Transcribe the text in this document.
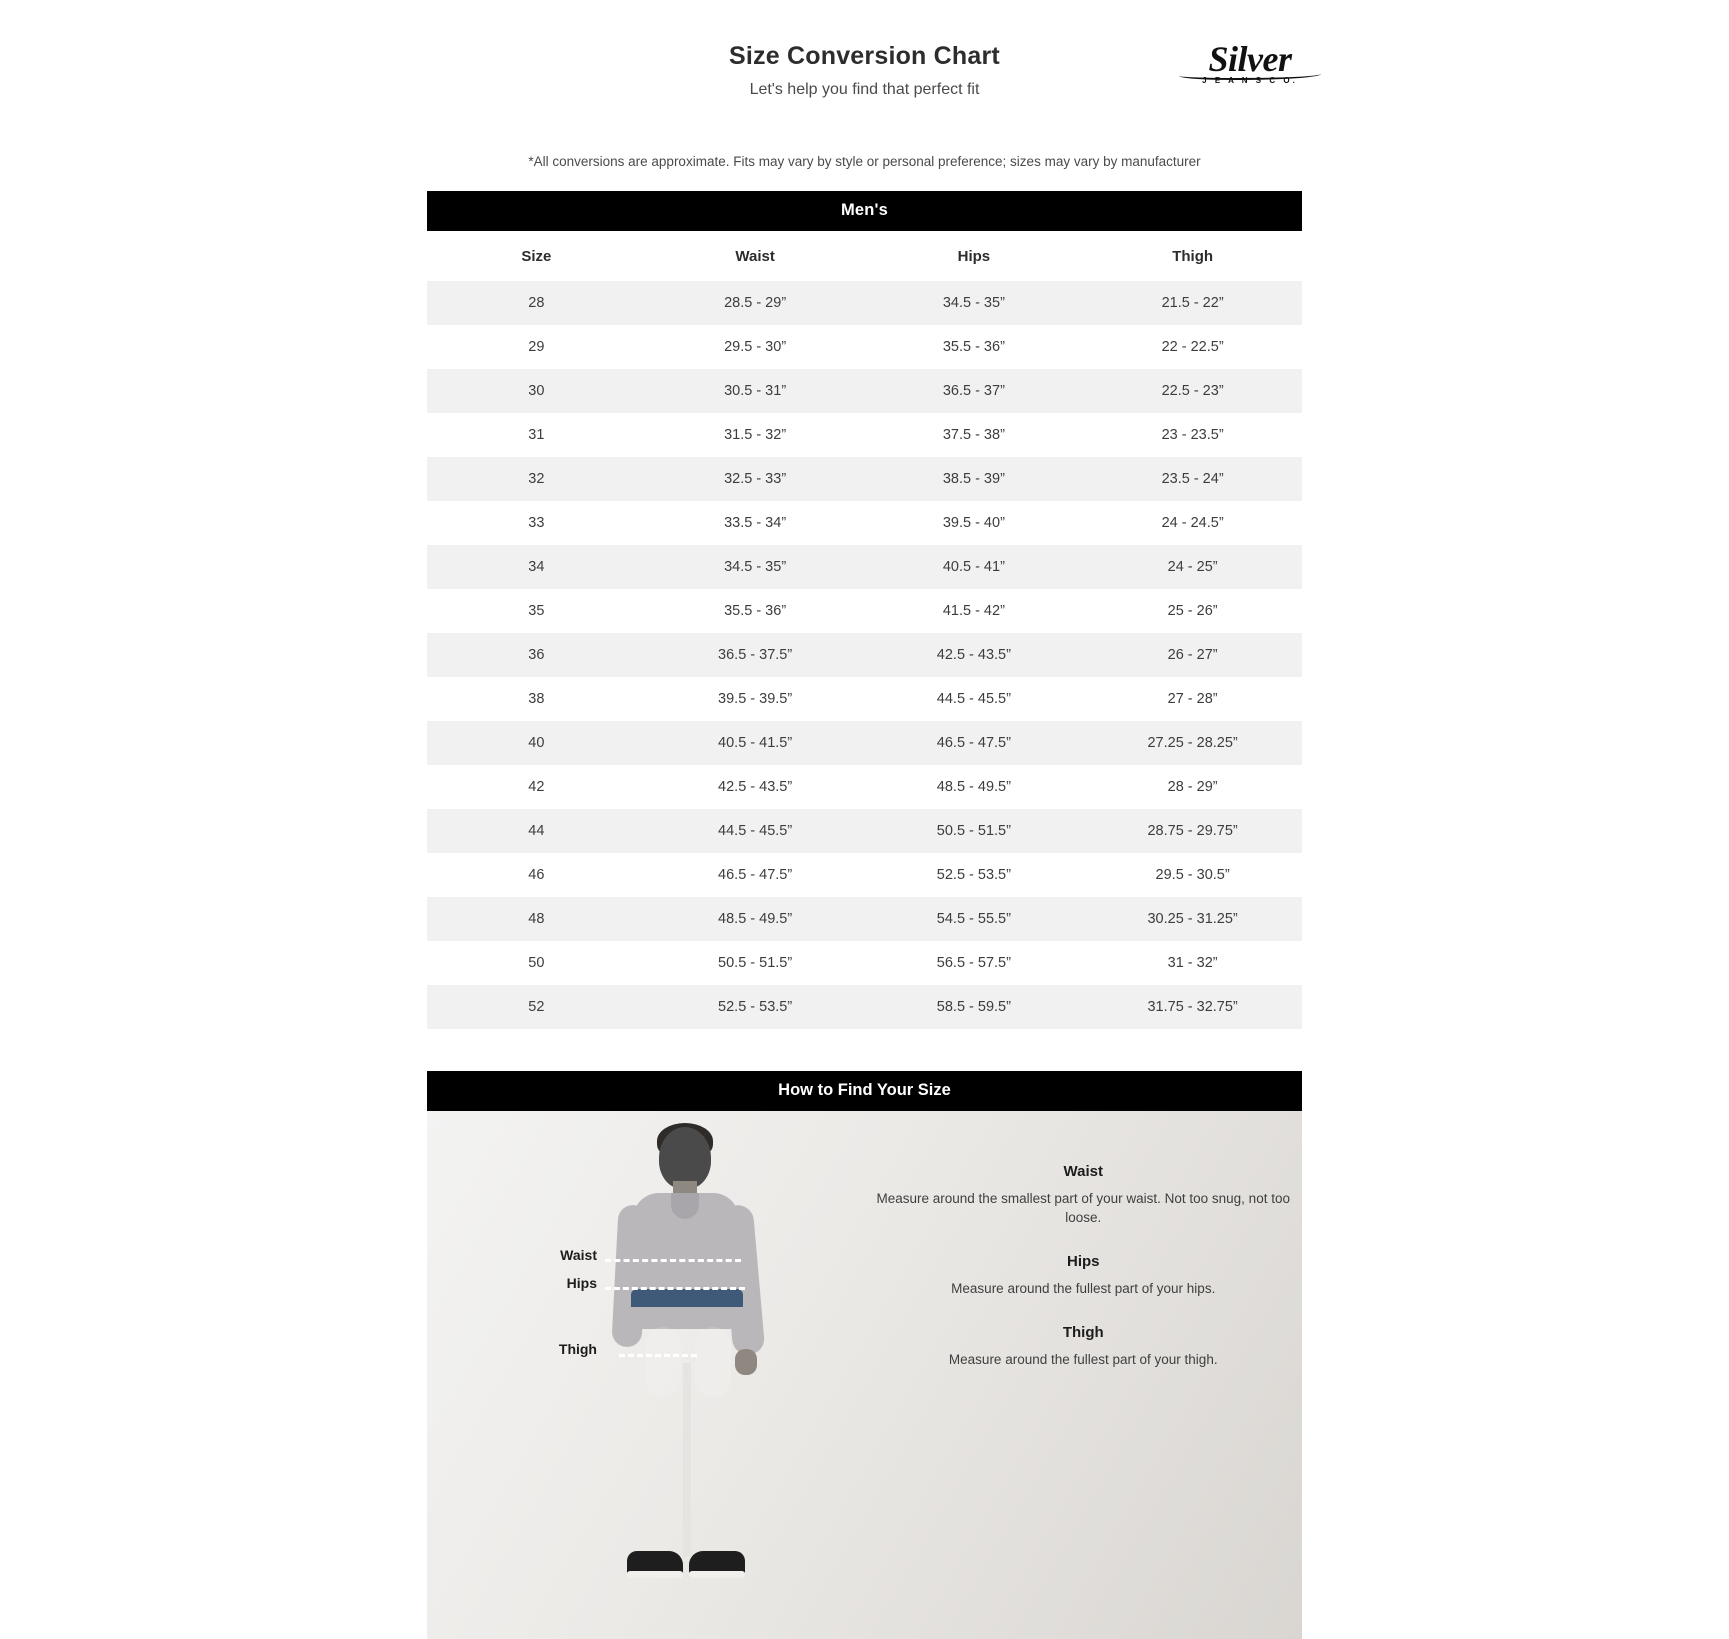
Size Conversion Chart

Let's help you find that perfect fit

Silver
J E A N S C O.
*All conversions are approximate. Fits may vary by style or personal preference; sizes may vary by manufacturer
Men's
Size	Waist	Hips	Thigh
28	28.5 - 29”	34.5 - 35”	21.5 - 22”
29	29.5 - 30”	35.5 - 36”	22 - 22.5”
30	30.5 - 31”	36.5 - 37”	22.5 - 23”
31	31.5 - 32”	37.5 - 38”	23 - 23.5”
32	32.5 - 33”	38.5 - 39”	23.5 - 24”
33	33.5 - 34”	39.5 - 40”	24 - 24.5”
34	34.5 - 35”	40.5 - 41”	24 - 25”
35	35.5 - 36”	41.5 - 42”	25 - 26”
36	36.5 - 37.5”	42.5 - 43.5”	26 - 27”
38	39.5 - 39.5”	44.5 - 45.5”	27 - 28”
40	40.5 - 41.5”	46.5 - 47.5”	27.25 - 28.25”
42	42.5 - 43.5”	48.5 - 49.5”	28 - 29”
44	44.5 - 45.5”	50.5 - 51.5”	28.75 - 29.75”
46	46.5 - 47.5”	52.5 - 53.5”	29.5 - 30.5”
48	48.5 - 49.5”	54.5 - 55.5”	30.25 - 31.25”
50	50.5 - 51.5”	56.5 - 57.5”	31 - 32”
52	52.5 - 53.5”	58.5 - 59.5”	31.75 - 32.75”
How to Find Your Size
Waist
Hips
Thigh

Waist

Measure around the smallest part of your waist. Not too snug, not too loose.

Hips

Measure around the fullest part of your hips.

Thigh

Measure around the fullest part of your thigh.
